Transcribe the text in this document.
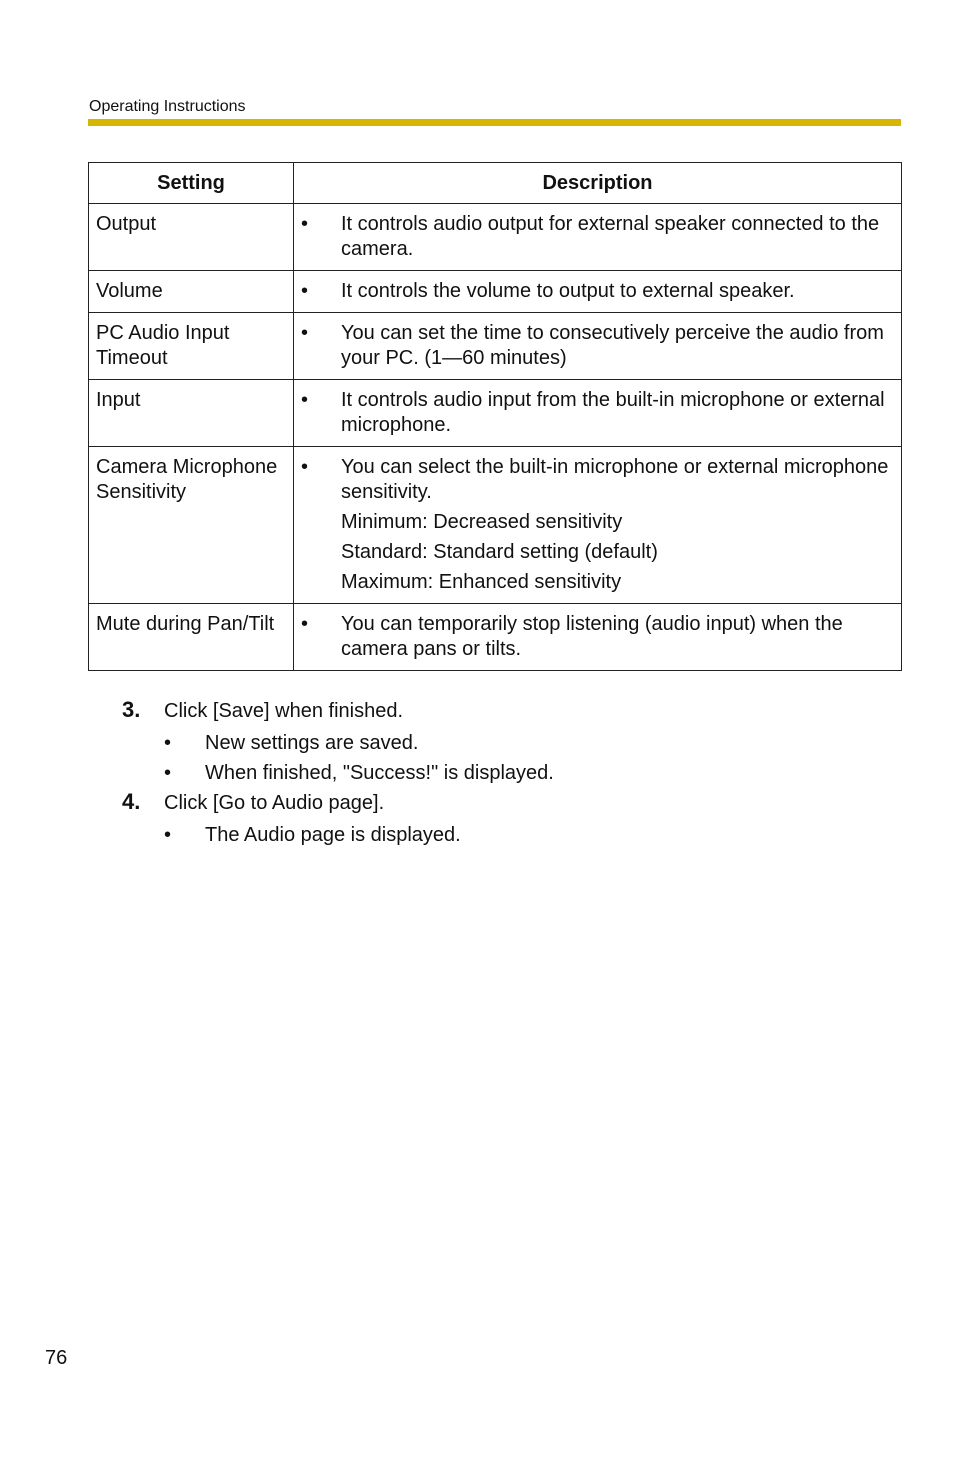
Operating Instructions
Setting	Description
Output	• It controls audio output for external speaker connected to the camera.

Volume	• It controls the volume to output to external speaker.

PC Audio Input Timeout	• You can set the time to consecutively perceive the audio from your PC. (1—60 minutes)

Input	• It controls audio input from the built-in microphone or external microphone.

Camera Microphone Sensitivity	• You can select the built-in microphone or external microphone sensitivity.
Minimum: Decreased sensitivity
Standard: Standard setting (default)
Maximum: Enhanced sensitivity

Mute during Pan/Tilt	• You can temporarily stop listening (audio input) when the camera pans or tilts.
3. Click [Save] when finished.
• New settings are saved.
• When finished, "Success!" is displayed.
4. Click [Go to Audio page].
• The Audio page is displayed.
76
